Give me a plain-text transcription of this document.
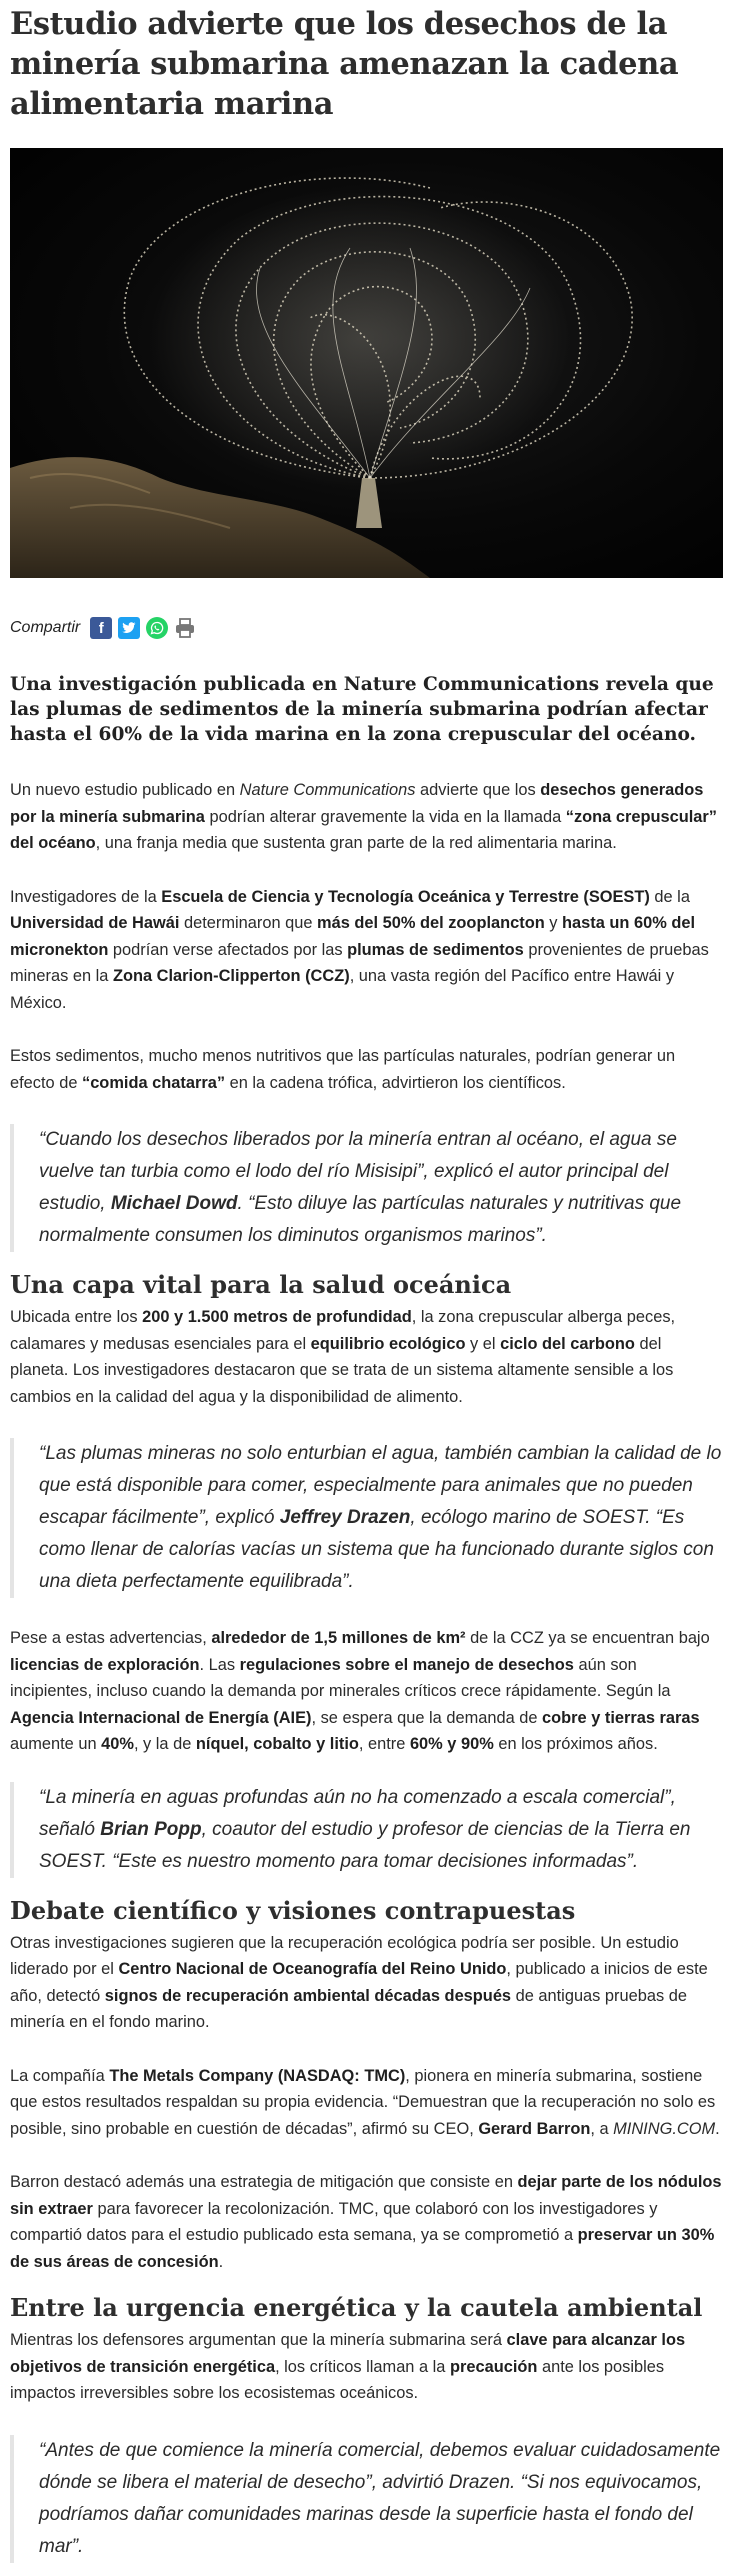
Estudio advierte que los desechos de la minería submarina amenazan la cadena alimentaria marina
Compartir	f
Una investigación publicada en Nature Communications revela que las plumas de sedimentos de la minería submarina podrían afectar hasta el 60% de la vida marina en la zona crepuscular del océano.

Un nuevo estudio publicado en Nature Communications advierte que los desechos generados por la minería submarina podrían alterar gravemente la vida en la llamada “zona crepuscular” del océano, una franja media que sustenta gran parte de la red alimentaria marina.

Investigadores de la Escuela de Ciencia y Tecnología Oceánica y Terrestre (SOEST) de la Universidad de Hawái determinaron que más del 50% del zooplancton y hasta un 60% del micronekton podrían verse afectados por las plumas de sedimentos provenientes de pruebas mineras en la Zona Clarion-Clipperton (CCZ), una vasta región del Pacífico entre Hawái y México.

Estos sedimentos, mucho menos nutritivos que las partículas naturales, podrían generar un efecto de “comida chatarra” en la cadena trófica, advirtieron los científicos.

“Cuando los desechos liberados por la minería entran al océano, el agua se vuelve tan turbia como el lodo del río Misisipi”, explicó el autor principal del estudio, Michael Dowd. “Esto diluye las partículas naturales y nutritivas que normalmente consumen los diminutos organismos marinos”.
Una capa vital para la salud oceánica

Ubicada entre los 200 y 1.500 metros de profundidad, la zona crepuscular alberga peces, calamares y medusas esenciales para el equilibrio ecológico y el ciclo del carbono del planeta. Los investigadores destacaron que se trata de un sistema altamente sensible a los cambios en la calidad del agua y la disponibilidad de alimento.

“Las plumas mineras no solo enturbian el agua, también cambian la calidad de lo que está disponible para comer, especialmente para animales que no pueden escapar fácilmente”, explicó Jeffrey Drazen, ecólogo marino de SOEST. “Es como llenar de calorías vacías un sistema que ha funcionado durante siglos con una dieta perfectamente equilibrada”.

Pese a estas advertencias, alrededor de 1,5 millones de km² de la CCZ ya se encuentran bajo licencias de exploración. Las regulaciones sobre el manejo de desechos aún son incipientes, incluso cuando la demanda por minerales críticos crece rápidamente. Según la Agencia Internacional de Energía (AIE), se espera que la demanda de cobre y tierras raras aumente un 40%, y la de níquel, cobalto y litio, entre 60% y 90% en los próximos años.

“La minería en aguas profundas aún no ha comenzado a escala comercial”, señaló Brian Popp, coautor del estudio y profesor de ciencias de la Tierra en SOEST. “Este es nuestro momento para tomar decisiones informadas”.
Debate científico y visiones contrapuestas

Otras investigaciones sugieren que la recuperación ecológica podría ser posible. Un estudio liderado por el Centro Nacional de Oceanografía del Reino Unido, publicado a inicios de este año, detectó signos de recuperación ambiental décadas después de antiguas pruebas de minería en el fondo marino.

La compañía The Metals Company (NASDAQ: TMC), pionera en minería submarina, sostiene que estos resultados respaldan su propia evidencia. “Demuestran que la recuperación no solo es posible, sino probable en cuestión de décadas”, afirmó su CEO, Gerard Barron, a MINING.COM.

Barron destacó además una estrategia de mitigación que consiste en dejar parte de los nódulos sin extraer para favorecer la recolonización. TMC, que colaboró con los investigadores y compartió datos para el estudio publicado esta semana, ya se comprometió a preservar un 30% de sus áreas de concesión.

Entre la urgencia energética y la cautela ambiental

Mientras los defensores argumentan que la minería submarina será clave para alcanzar los objetivos de transición energética, los críticos llaman a la precaución ante los posibles impactos irreversibles sobre los ecosistemas oceánicos.

“Antes de que comience la minería comercial, debemos evaluar cuidadosamente dónde se libera el material de desecho”, advirtió Drazen. “Si nos equivocamos, podríamos dañar comunidades marinas desde la superficie hasta el fondo del mar”.
